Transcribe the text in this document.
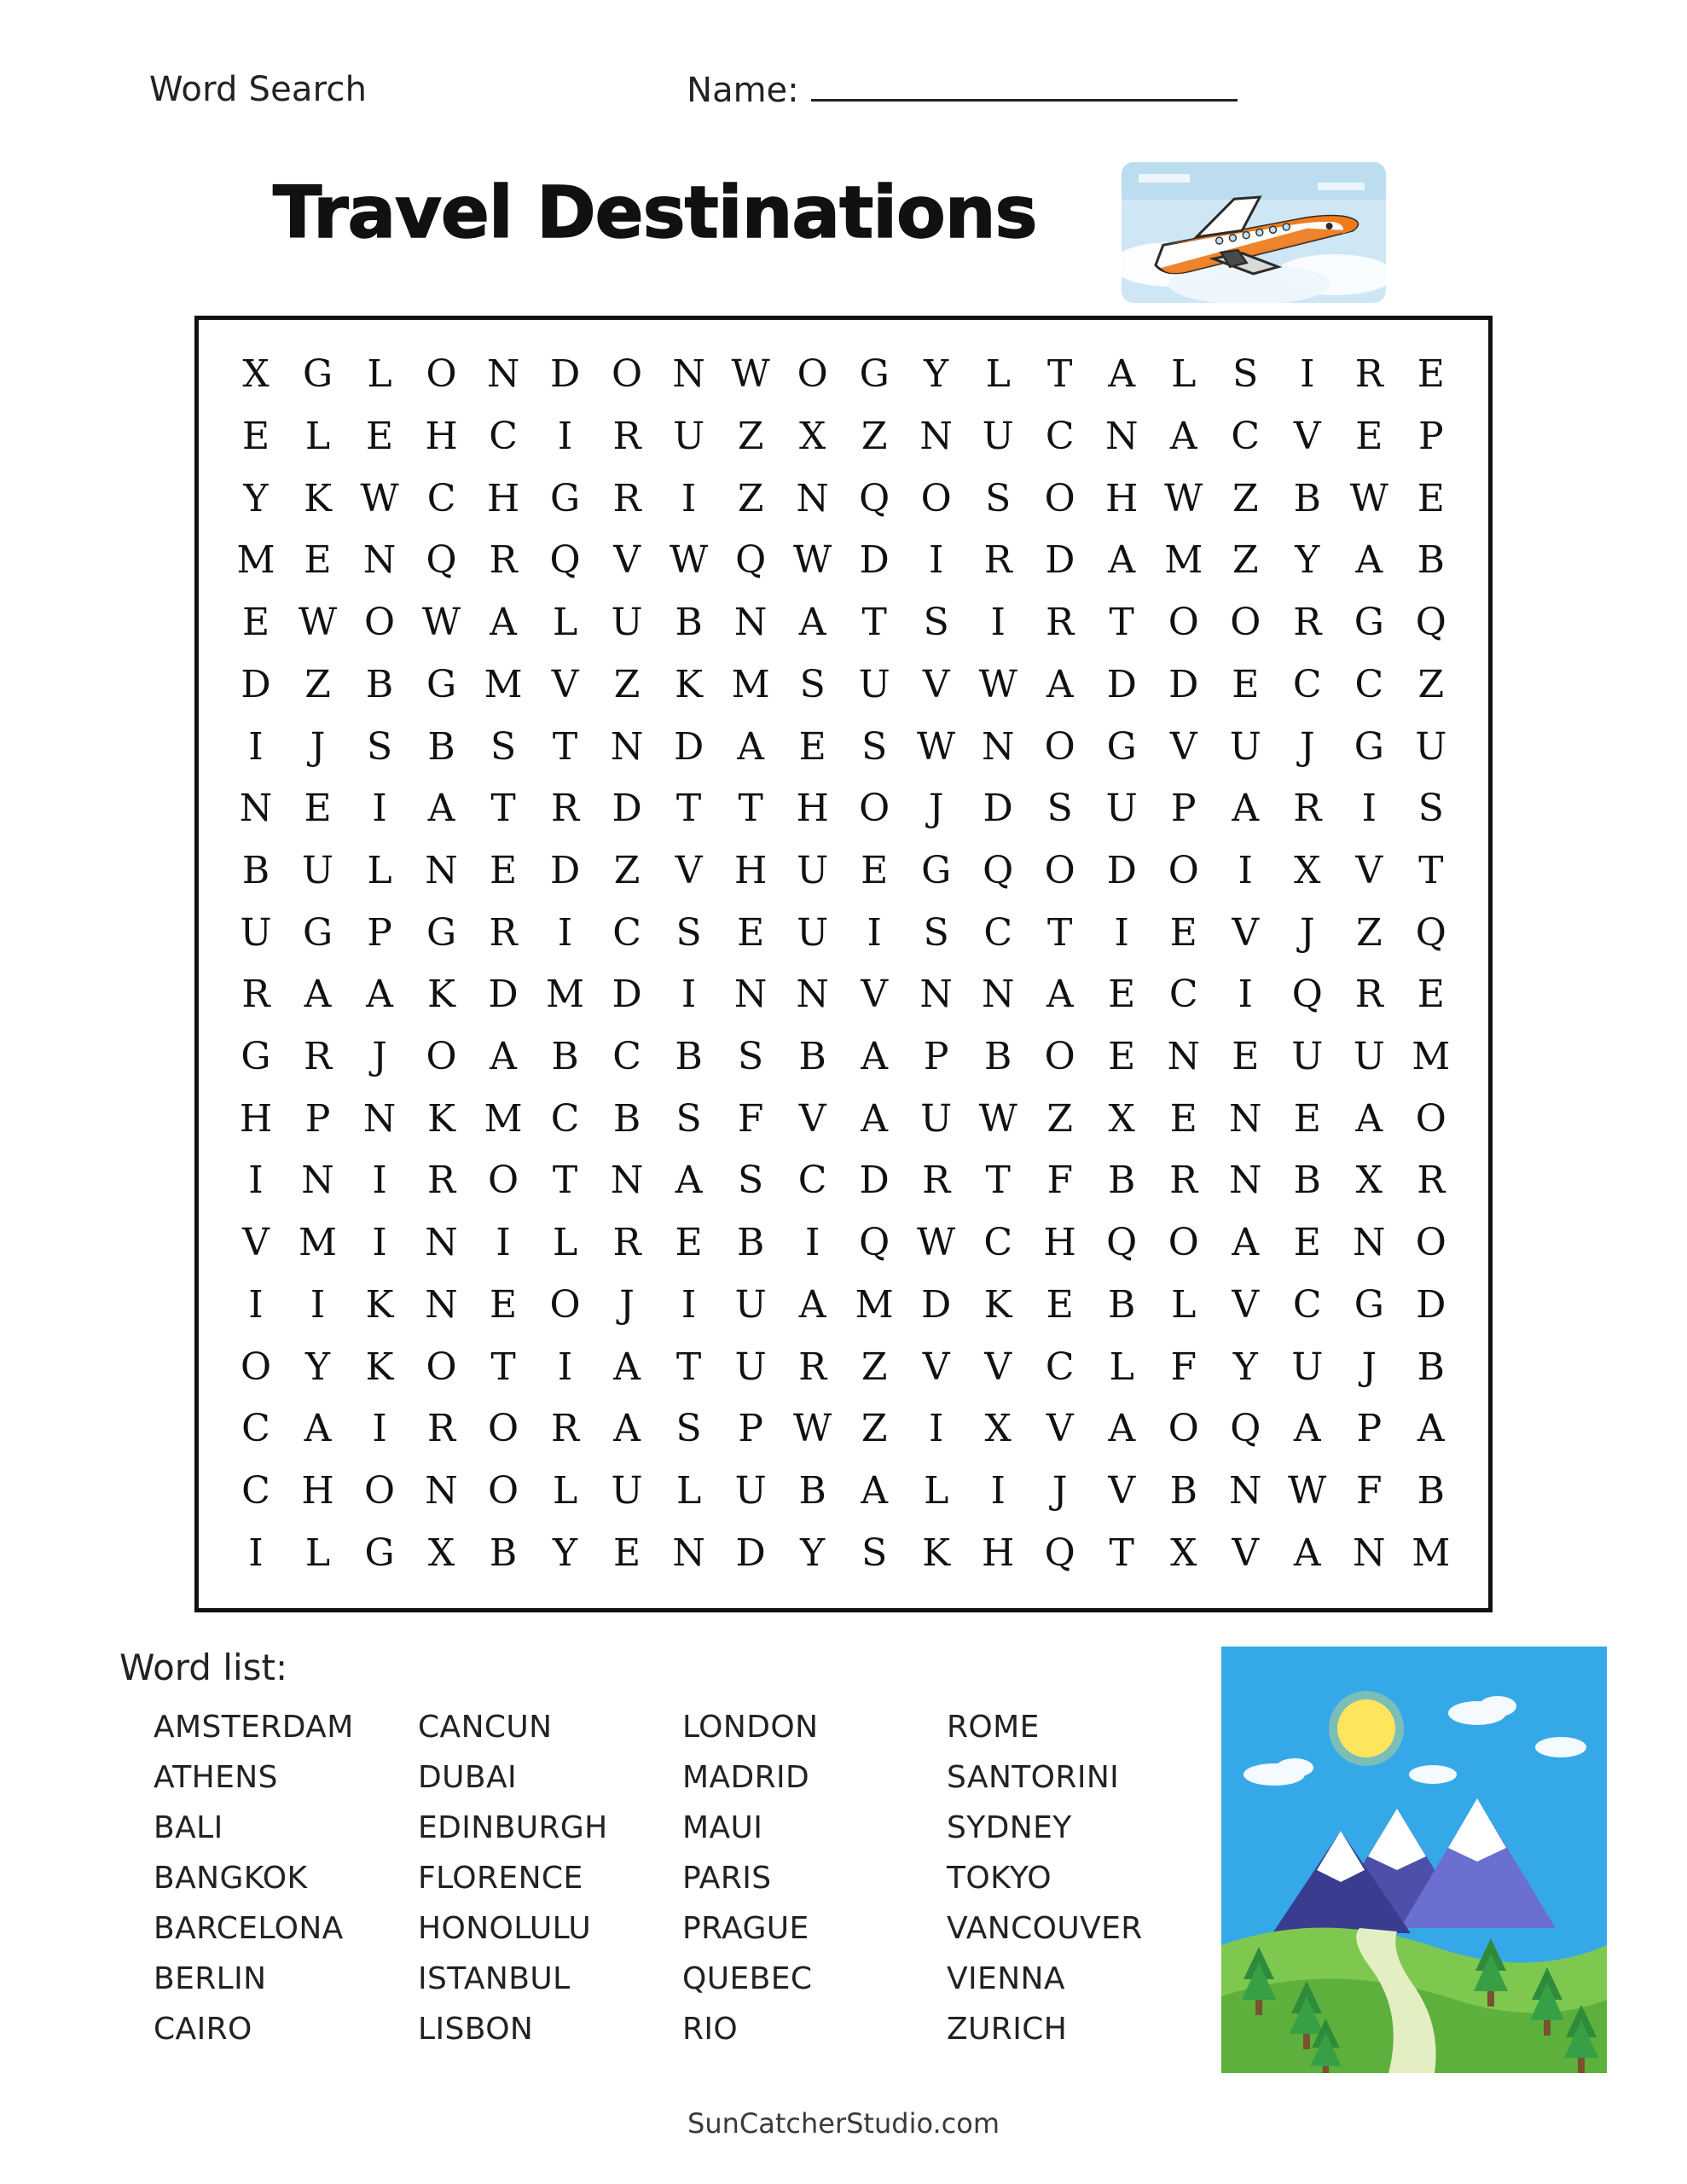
Word Search	Name:
Travel Destinations
X G L O N D O N W O G Y L T A L S	I	R E
E L E H C	I	R U Z X Z N U C N A C V E P
Y K W C H G R	I	Z N Q O S O H W Z B W E
M E N Q R Q V W Q W D	I	R D A M Z Y A B
E W O W A L U B N A T S	I	R T O O R G Q
D Z B G M V Z K M S U V W A D D E C C Z
I	J	S B S T N D A E S W N O G V U	J	G U
N E	I	A T R D T T H O	J	D S U P A R	I	S
B U L N E D Z V H U E G Q O D O	I	X V T
U G P G R	I	C S E U	I	S C T	I	E V	J	Z Q
R A A K D M D	I	N N V N N A E C	I	Q R E
G R	J	O A B C B S B A P B O E N E U U M
H P N K M C B S F V A U W Z X E N E A O
I	N	I	R O T N A S C D R T F B R N B X R
V M I	N	I	L R E B	I	Q W C H Q O A E N O
I	I	K N E O	J	I	U A M D K E B L V C G D
O Y K O T	I	A T U R Z V V C L F Y U	J	B
C A	I	R O R A S P W Z	I	X V A O Q A P A
C H O N O L U L U B A L	I	J	V B N W F B
I	L G X B Y E N D Y S K H Q T X V A N M
Word list:
AMSTERDAM
ATHENS
BALI
BANGKOK
BARCELONA
BERLIN
CAIRO
CANCUN
DUBAI
EDINBURGH
FLORENCE
HONOLULU
ISTANBUL
LISBON
LONDON
MADRID
MAUI
PARIS
PRAGUE
QUEBEC
RIO
ROME
SANTORINI
SYDNEY
TOKYO
VANCOUVER
VIENNA
ZURICH
SunCatcherStudio.com
